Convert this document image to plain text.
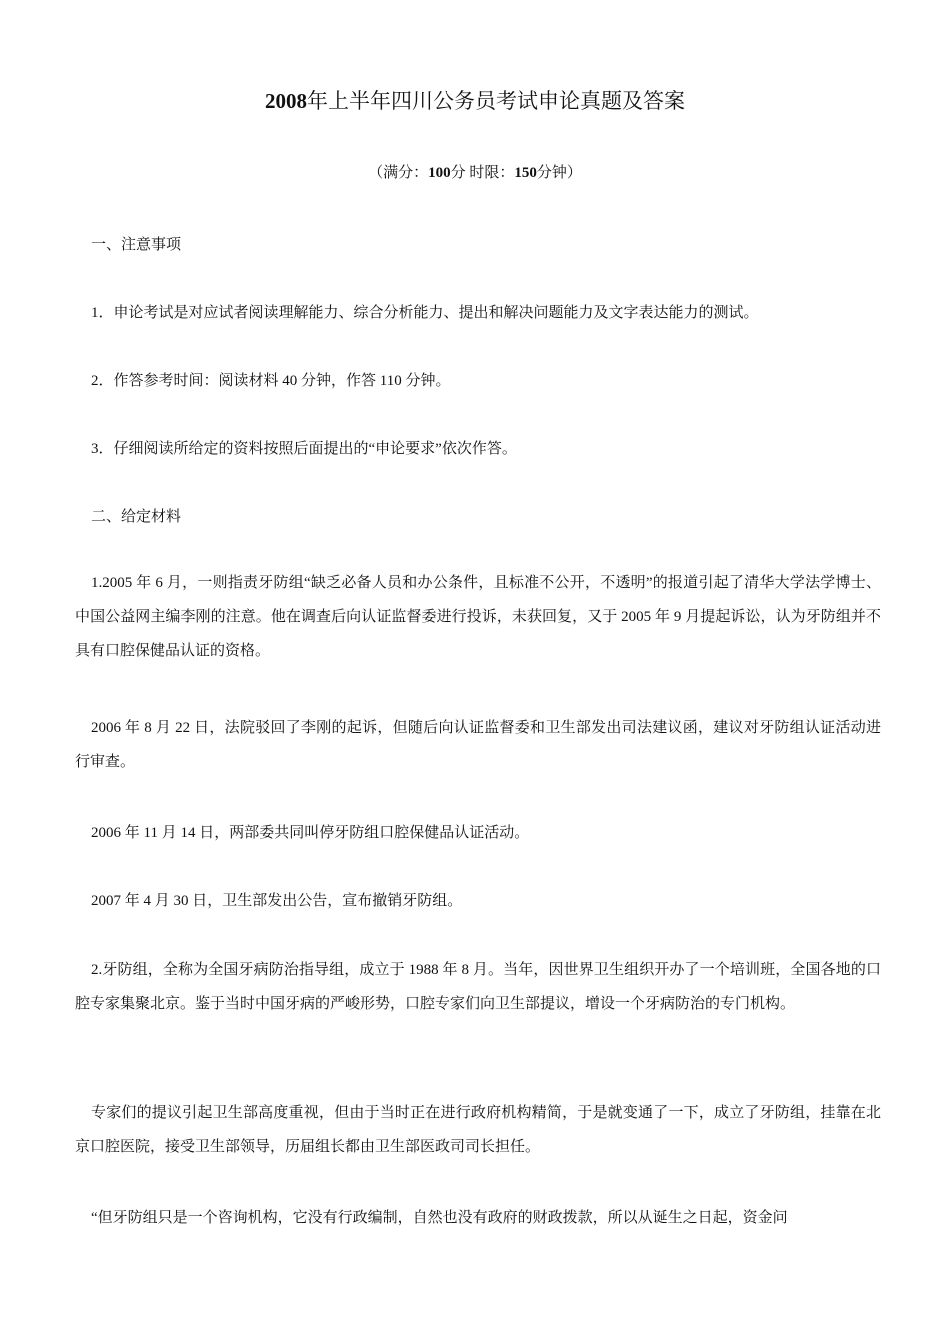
2008年上半年四川公务员考试申论真题及答案
（满分：100分 时限：150分钟）

一、注意事项

1．申论考试是对应试者阅读理解能力、综合分析能力、提出和解决问题能力及文字表达能力的测试。

2．作答参考时间：阅读材料 40 分钟，作答 110 分钟。

3．仔细阅读所给定的资料按照后面提出的“申论要求”依次作答。

二、给定材料

1.2005 年 6 月，一则指责牙防组“缺乏必备人员和办公条件，且标准不公开，不透明”的报道引起了清华大学法学博士、中国公益网主编李刚的注意。他在调查后向认证监督委进行投诉，未获回复，又于 2005 年 9 月提起诉讼，认为牙防组并不具有口腔保健品认证的资格。

2006 年 8 月 22 日，法院驳回了李刚的起诉，但随后向认证监督委和卫生部发出司法建议函，建议对牙防组认证活动进行审查。

2006 年 11 月 14 日，两部委共同叫停牙防组口腔保健品认证活动。

2007 年 4 月 30 日，卫生部发出公告，宣布撤销牙防组。

2.牙防组，全称为全国牙病防治指导组，成立于 1988 年 8 月。当年，因世界卫生组织开办了一个培训班，全国各地的口腔专家集聚北京。鉴于当时中国牙病的严峻形势，口腔专家们向卫生部提议，增设一个牙病防治的专门机构。

专家们的提议引起卫生部高度重视，但由于当时正在进行政府机构精简，于是就变通了一下，成立了牙防组，挂靠在北京口腔医院，接受卫生部领导，历届组长都由卫生部医政司司长担任。

“但牙防组只是一个咨询机构，它没有行政编制，自然也没有政府的财政拨款，所以从诞生之日起，资金问
